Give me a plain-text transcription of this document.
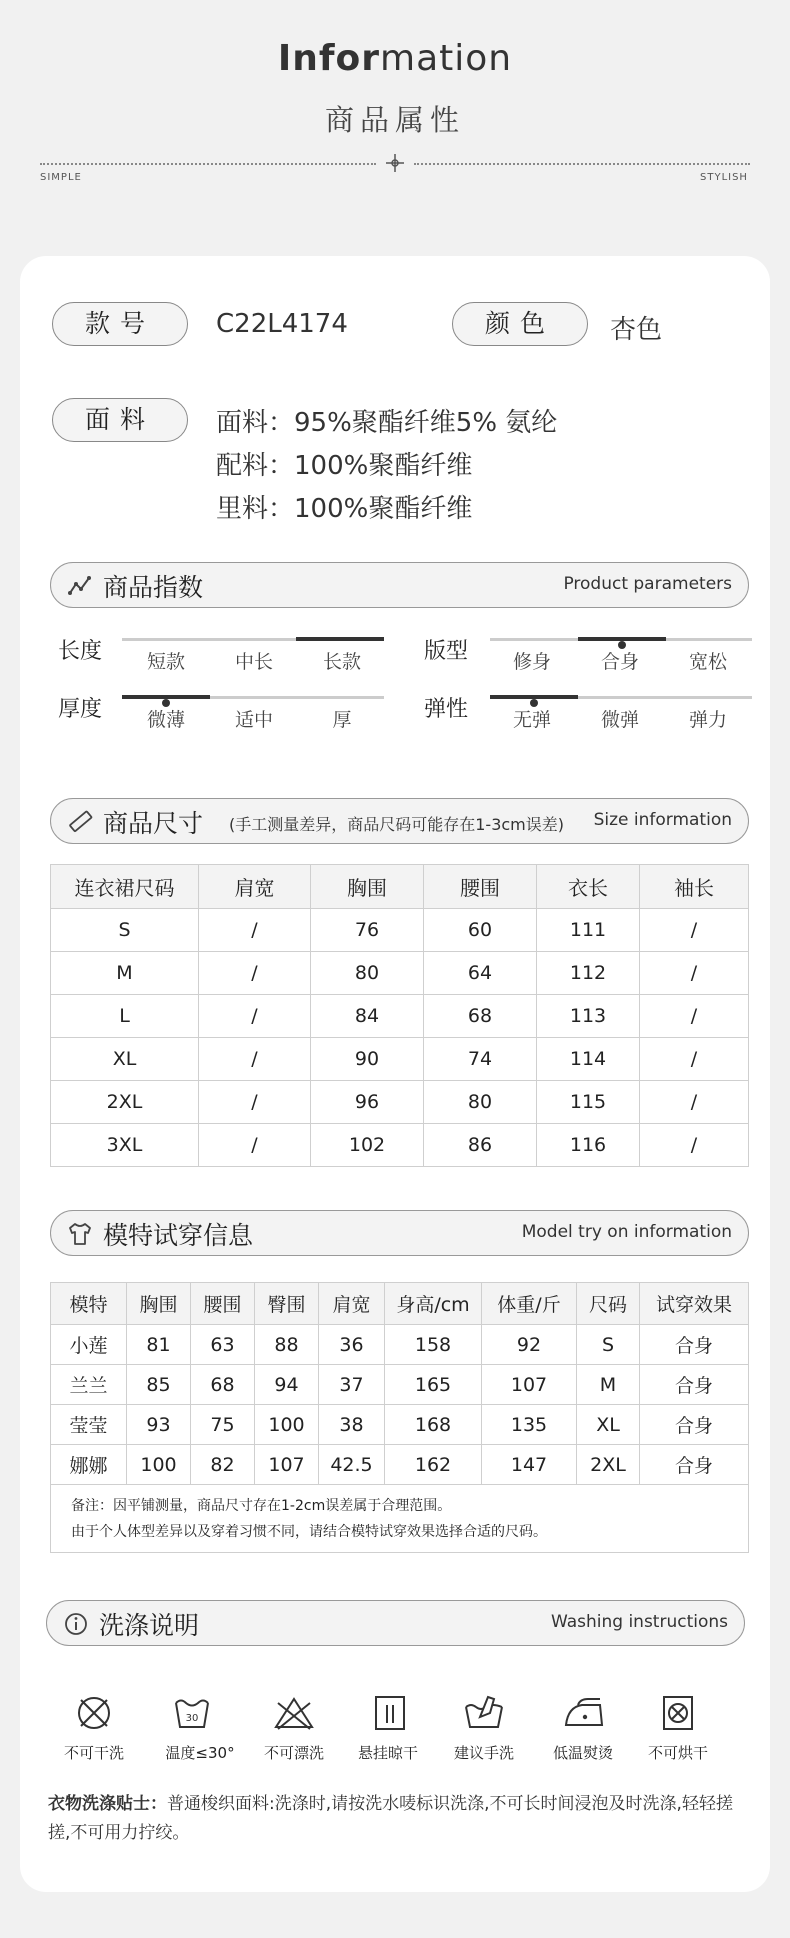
Information
商品属性
SIMPLE	STYLISH
款号	C22L4174	颜色	杏色
面料	面料：95%聚酯纤维5% 氨纶
配料：100%聚酯纤维
里料：100%聚酯纤维
商品指数	Product parameters
长度	短款	中长	长款	版型	修身	合身	宽松
厚度	微薄	适中	厚	弹性	无弹	微弹	弹力
商品尺寸 (手工测量差异，商品尺码可能存在1-3cm误差) Size information
连衣裙尺码	肩宽	胸围	腰围	衣长	袖长
S	/	76	60	111	/
M	/	80	64	112	/
L	/	84	68	113	/
XL	/	90	74	114	/
2XL	/	96	80	115	/
3XL	/	102	86	116	/
模特试穿信息	Model try on information
模特	胸围	腰围	臀围	肩宽	身高/cm	体重/斤	尺码	试穿效果
小莲	81	63	88	36	158	92	S	合身
兰兰	85	68	94	37	165	107	M	合身
莹莹	93	75	100	38	168	135	XL	合身
娜娜	100	82	107	42.5	162	147	2XL	合身

备注：因平铺测量，商品尺寸存在1-2cm误差属于合理范围。
由于个人体型差异以及穿着习惯不同，请结合模特试穿效果选择合适的尺码。								
洗涤说明	Washing instructions
30
不可干洗	温度≤30°	不可漂洗	悬挂晾干	建议手洗	低温熨烫	不可烘干
衣物洗涤贴士：普通梭织面料:洗涤时,请按洗水唛标识洗涤,不可长时间浸泡及时洗涤,轻轻搓搓,不可用力拧绞。
